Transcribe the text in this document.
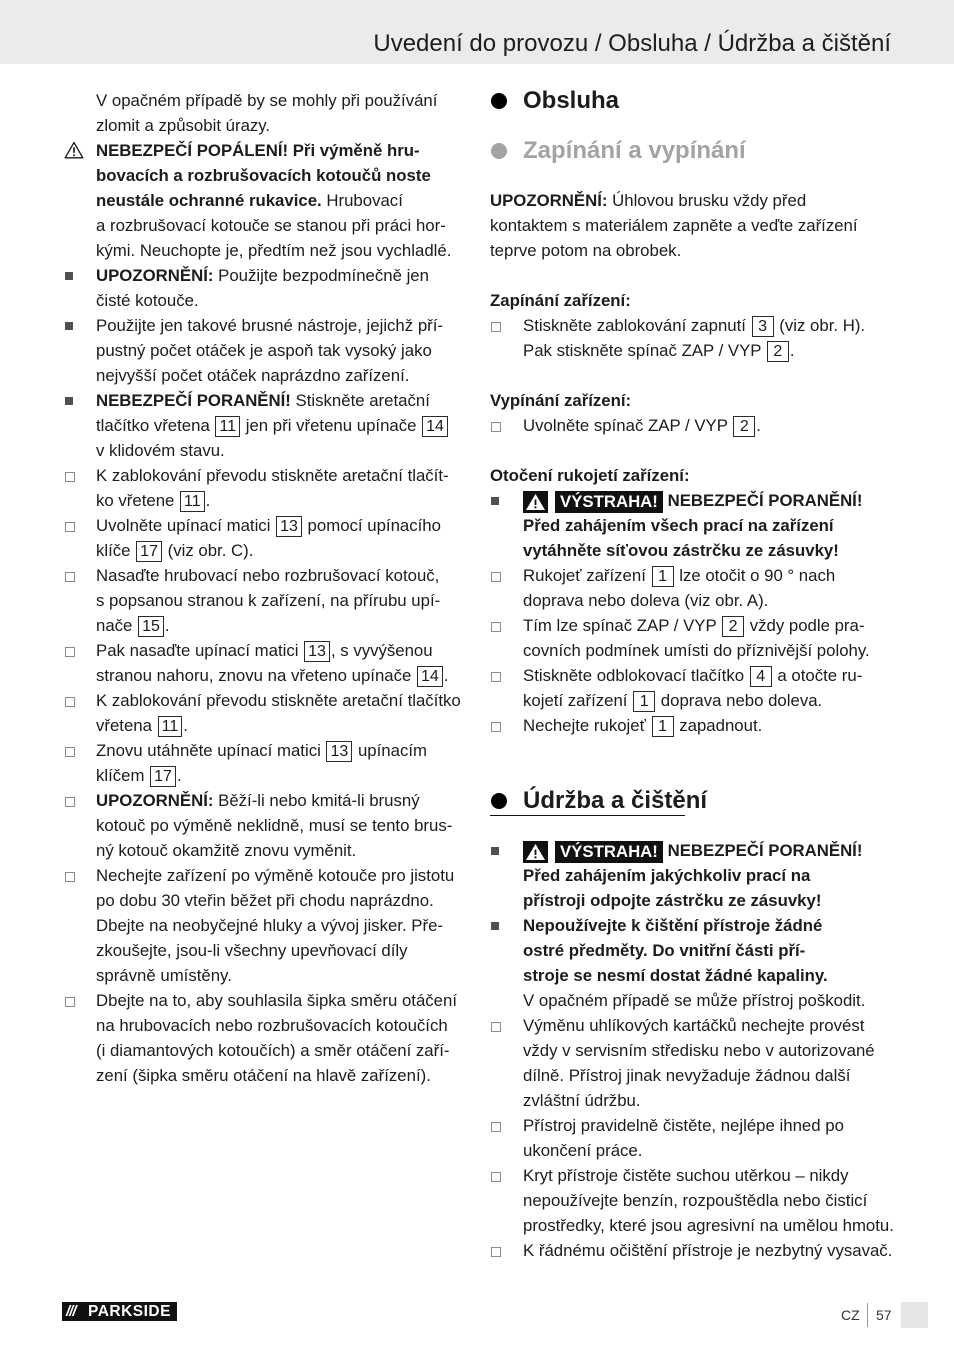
Uvedení do provozu / Obsluha / Údržba a čištění
V opačném případě by se mohly při používání
zlomit a způsobit úrazy.
NEBEZPEČÍ POPÁLENÍ! Při výměně hru-
bovacích a rozbrušovacích kotoučů noste
neustále ochranné rukavice. Hrubovací
a rozbrušovací kotouče se stanou při práci hor-
kými. Neuchopte je, předtím než jsou vychladlé.
UPOZORNĚNÍ: Použijte bezpodmínečně jen
čisté kotouče.
Použijte jen takové brusné nástroje, jejichž pří-
pustný počet otáček je aspoň tak vysoký jako
nejvyšší počet otáček naprázdno zařízení.
NEBEZPEČÍ PORANĚNÍ! Stiskněte aretační
tlačítko vřetena 11 jen při vřetenu upínače 14
v klidovém stavu.
K zablokování převodu stiskněte aretační tlačít-
ko vřetene 11 .
Uvolněte upínací matici 13 pomocí upínacího
klíče 17 (viz obr. C).
Nasaďte hrubovací nebo rozbrušovací kotouč,
s popsanou stranou k zařízení, na přírubu upí-
nače 15 .
Pak nasaďte upínací matici 13 , s vyvýšenou
stranou nahoru, znovu na vřeteno upínače 14 .
K zablokování převodu stiskněte aretační tlačítko
vřetena 11 .
Znovu utáhněte upínací matici 13 upínacím
klíčem 17 .
UPOZORNĚNÍ: Běží-li nebo kmitá-li brusný
kotouč po výměně neklidně, musí se tento brus-
ný kotouč okamžitě znovu vyměnit.
Nechejte zařízení po výměně kotouče pro jistotu
po dobu 30 vteřin běžet při chodu naprázdno.
Dbejte na neobyčejné hluky a vývoj jisker. Pře-
zkoušejte, jsou-li všechny upevňovací díly
správně umístěny.
Dbejte na to, aby souhlasila šipka směru otáčení
na hrubovacích nebo rozbrušovacích kotoučích
(i diamantových kotoučích) a směr otáčení zaří-
zení (šipka směru otáčení na hlavě zařízení).
Obsluha
Zapínání a vypínání
UPOZORNĚNÍ: Úhlovou brusku vždy před
kontaktem s materiálem zapněte a veďte zařízení
teprve potom na obrobek.
Zapínání zařízení:
Stiskněte zablokování zapnutí 3 (viz obr. H).
Pak stiskněte spínač ZAP / VYP 2 .
Vypínání zařízení:
Uvolněte spínač ZAP / VYP 2 .
Otočení rukojetí zařízení:
VÝSTRAHA! NEBEZPEČÍ PORANĚNÍ!
Před zahájením všech prací na zařízení
vytáhněte síťovou zástrčku ze zásuvky!
Rukojeť zařízení 1 lze otočit o 90 ° nach
doprava nebo doleva (viz obr. A).
Tím lze spínač ZAP / VYP 2 vždy podle pra-
covních podmínek umísti do příznivější polohy.
Stiskněte odblokovací tlačítko 4 a otočte ru-
kojetí zařízení 1 doprava nebo doleva.
Nechejte rukojeť 1 zapadnout.
Údržba a čištění
VÝSTRAHA! NEBEZPEČÍ PORANĚNÍ!
Před zahájením jakýchkoliv prací na
přístroji odpojte zástrčku ze zásuvky!
Nepoužívejte k čištění přístroje žádné
ostré předměty. Do vnitřní části pří-
stroje se nesmí dostat žádné kapaliny.
V opačném případě se může přístroj poškodit.
Výměnu uhlíkových kartáčků nechejte provést
vždy v servisním středisku nebo v autorizované
dílně. Přístroj jinak nevyžaduje žádnou další
zvláštní údržbu.
Přístroj pravidelně čistěte, nejlépe ihned po
ukončení práce.
Kryt přístroje čistěte suchou utěrkou – nikdy
nepoužívejte benzín, rozpouštědla nebo čisticí
prostředky, které jsou agresivní na umělou hmotu.
K řádnému očištění přístroje je nezbytný vysavač.
/// PARKSIDE	CZ 57
